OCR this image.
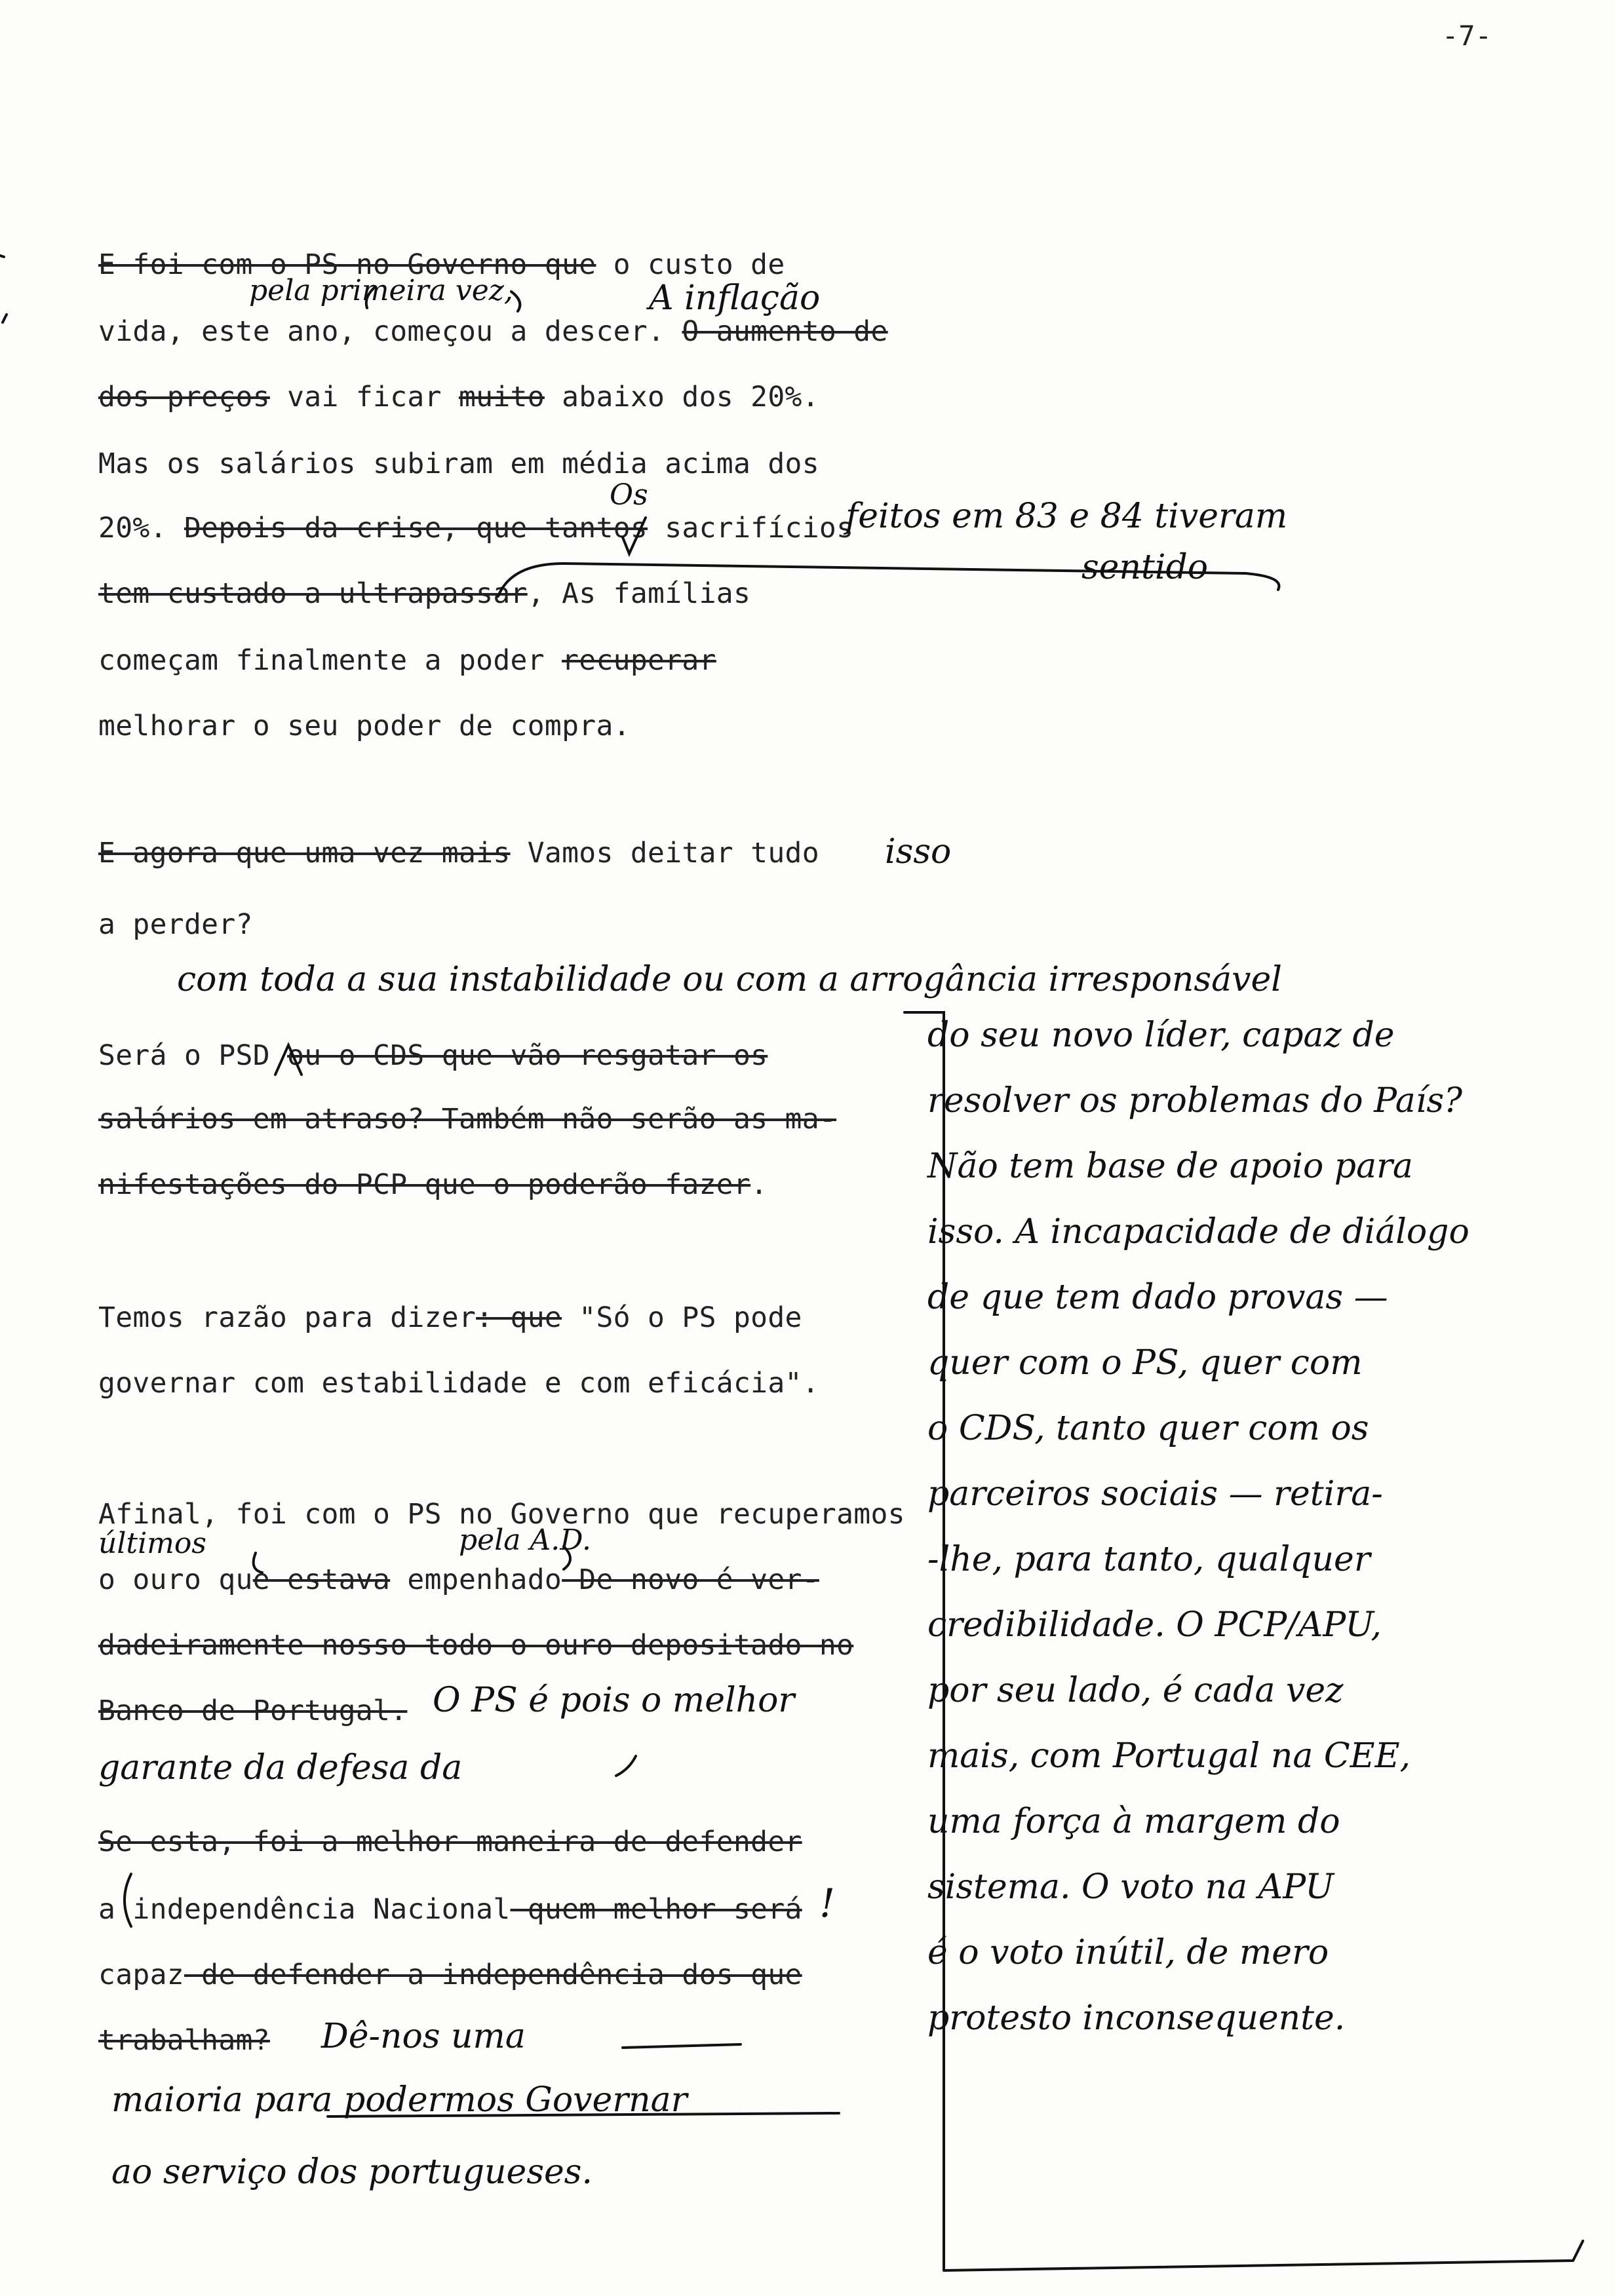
-7-
E foi com o PS no Governo que o custo de
vida, este ano, começou a descer. O aumento de
dos preços vai ficar muito abaixo dos 20%.
Mas os salários subiram em média acima dos
20%. Depois da crise, que tantos sacrifícios
tem custado a ultrapassar, As famílias
começam finalmente a poder recuperar
melhorar o seu poder de compra.
E agora que uma vez mais Vamos deitar tudo
a perder?
Será o PSD ou o CDS que vão resgatar os
salários em atraso? Também não serão as ma-
nifestações do PCP que o poderão fazer.
Temos razão para dizer: que "Só o PS pode
governar com estabilidade e com eficácia".
Afinal, foi com o PS no Governo que recuperamos
o ouro que estava empenhado De novo é ver-
dadeiramente nosso todo o ouro depositado no
Banco de Portugal.
Se esta, foi a melhor maneira de defender
a independência Nacional quem melhor será
capaz de defender a independência dos que
trabalham?
pela primeira vez,	A inflação
Os
feitos em 83 e 84 tiveram
sentido
isso
com toda a sua instabilidade ou com a arrogância irresponsável
do seu novo líder, capaz de
resolver os problemas do País?
Não tem base de apoio para
isso. A incapacidade de diálogo
de que tem dado provas —
quer com o PS, quer com
o CDS, tanto quer com os
parceiros sociais — retira-
-lhe, para tanto, qualquer
credibilidade. O PCP/APU,
por seu lado, é cada vez
mais, com Portugal na CEE,
uma força à margem do
sistema. O voto na APU
é o voto inútil, de mero
protesto inconsequente.
últimos	pela A.D.
O PS é pois o melhor
garante da defesa da
!
Dê-nos uma
maioria para podermos Governar
ao serviço dos portugueses.
